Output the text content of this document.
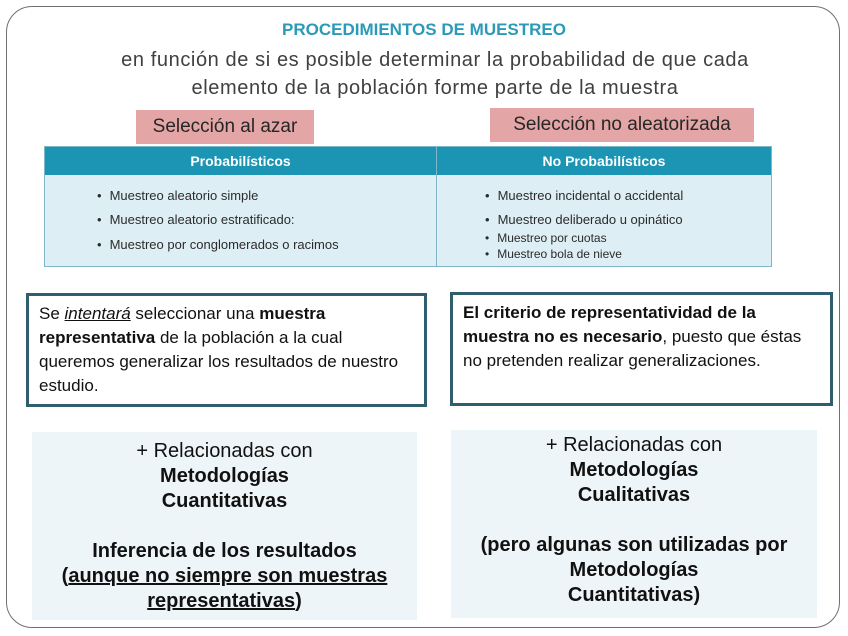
PROCEDIMIENTOS DE MUESTREO
en función de si es posible determinar la probabilidad de que cada
elemento de la población forme parte de la muestra
Selección al azar	Selección no aleatorizada
Probabilísticos
• Muestreo aleatorio simple
• Muestreo aleatorio estratificado:
• Muestreo por conglomerados o racimos
No Probabilísticos
• Muestreo incidental o accidental
• Muestreo deliberado u opinático
• Muestreo por cuotas
• Muestreo bola de nieve
Se intentará seleccionar una muestra representativa de la población a la cual queremos generalizar los resultados de nuestro estudio.
El criterio de representatividad de la muestra no es necesario, puesto que éstas no pretenden realizar generalizaciones.
+ Relacionadas con
Metodologías
Cuantitativas
Inferencia de los resultados
(aunque no siempre son muestras
representativas)
+ Relacionadas con
Metodologías
Cualitativas
(pero algunas son utilizadas por
Metodologías
Cuantitativas)
